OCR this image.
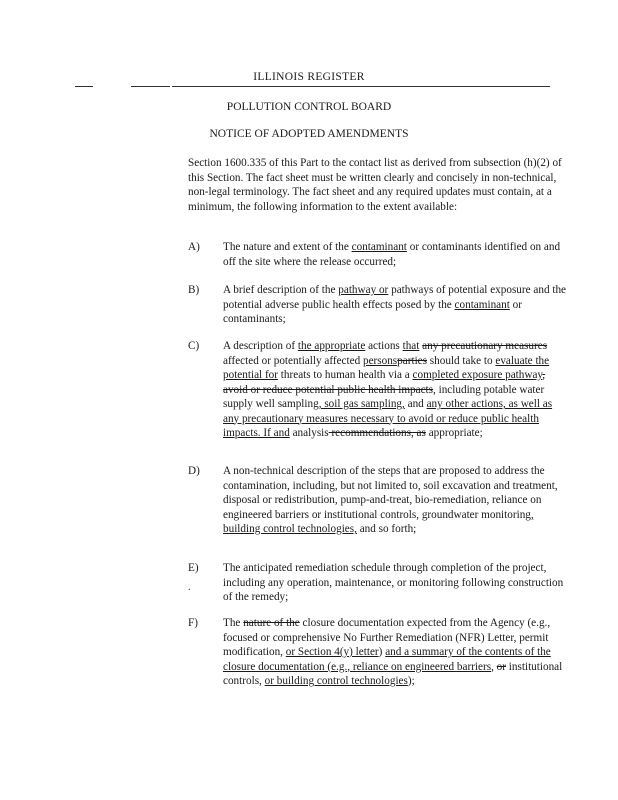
ILLINOIS REGISTER
POLLUTION CONTROL BOARD
NOTICE OF ADOPTED AMENDMENTS
Section 1600.335 of this Part to the contact list as derived from subsection (h)(2) of this Section. The fact sheet must be written clearly and concisely in non-technical, non-legal terminology. The fact sheet and any required updates must contain, at a minimum, the following information to the extent available:
A)	The nature and extent of the contaminant or contaminants identified on and off the site where the release occurred;
B)	A brief description of the pathway or pathways of potential exposure and the potential adverse public health effects posed by the contaminant or contaminants;
C)	A description of the appropriate actions that any precautionary measures affected or potentially affected personsparties should take to evaluate the potential for threats to human health via a completed exposure pathway, avoid or reduce potential public health impacts, including potable water supply well sampling, soil gas sampling, and any other actions, as well as any precautionary measures necessary to avoid or reduce public health impacts. If and analysis recommendations, as appropriate;
D)	A non-technical description of the steps that are proposed to address the contamination, including, but not limited to, soil excavation and treatment, disposal or redistribution, pump-and-treat, bio-remediation, reliance on engineered barriers or institutional controls, groundwater monitoring, building control technologies, and so forth;
E)	The anticipated remediation schedule through completion of the project, including any operation, maintenance, or monitoring following construction of the remedy;
.
F)	The nature of the closure documentation expected from the Agency (e.g., focused or comprehensive No Further Remediation (NFR) Letter, permit modification, or Section 4(y) letter) and a summary of the contents of the closure documentation (e.g., reliance on engineered barriers, or institutional controls, or building control technologies);
